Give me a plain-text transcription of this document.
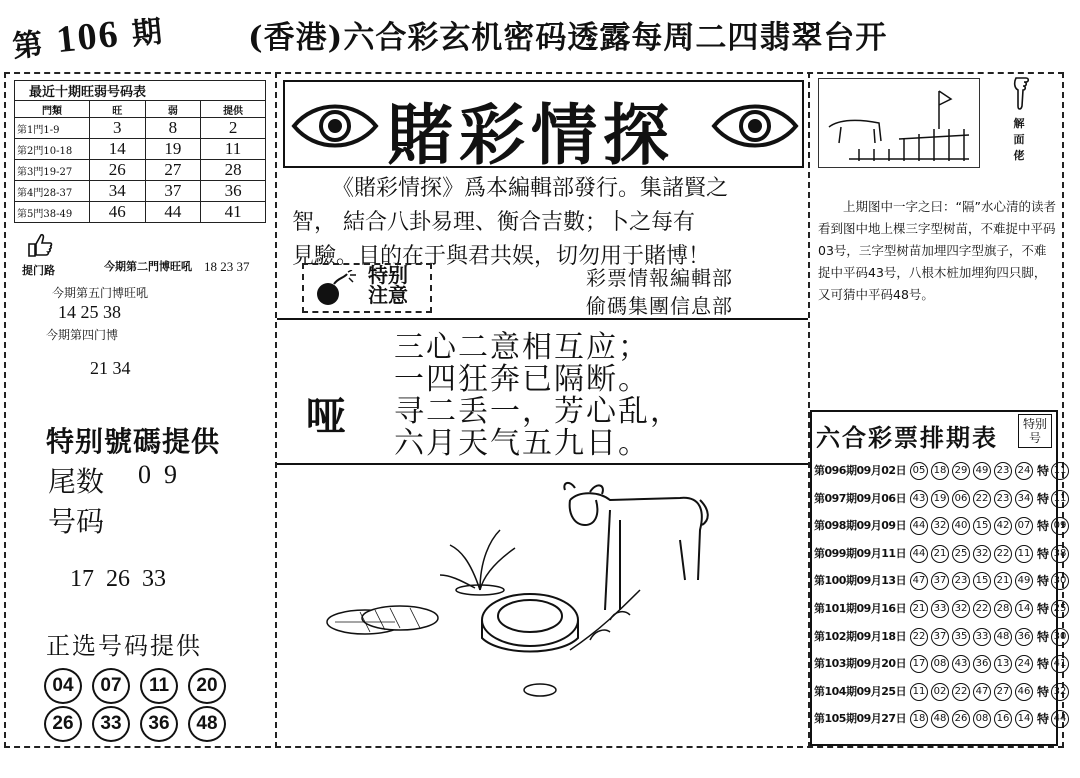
第 106 期	(香港)六合彩玄机密码透露每周二四翡翠台开
最近十期旺弱号码表			
門類	旺	弱	提供
第1門1-9	3	8	2
第2門10-18	14	19	11
第3門19-27	26	27	28
第4門28-37	34	37	36
第5門38-49	46	44	41
提门路	今期第二門博旺吼 18 23 37
今期第五门博旺吼
14 25 38
今期第四门博
21 34
特别號碼提供
尾数 0  9
号码
17  26  33
正选号码提供
04 07 11 20
26 33 36 48
賭彩情探
《賭彩情探》爲本編輯部發行。集諸賢之
智， 結合八卦易理、衡合吉數；卜之每有
見驗。目的在于與君共娱，切勿用于賭博！
特别
注意
彩票情報編輯部
偷碼集團信息部
哑
三心二意相互应；
一四狂奔已隔断。
寻二丢一，芳心乱，
六月天气五九日。
解面佬
上期图中一字之曰：“隔”水心清的读者看到图中地上棵三字型树苗，不难捉中平码03号，三字型树苗加埋四字型旗子，不难捉中平码43号，八根木桩加埋狗四只脚，又可猜中平码48号。
六合彩票排期表	特别号
第096期09月02日 05 18 29 49 23 24 特 11
第097期09月06日 43 19 06 22 23 34 特 11
第098期09月09日 44 32 40 15 42 07 特 09
第099期09月11日 44 21 25 32 22 11 特 38
第100期09月13日 47 37 23 15 21 49 特 30
第101期09月16日 21 33 32 22 28 14 特 25
第102期09月18日 22 37 35 33 48 36 特 30
第103期09月20日 17 08 43 36 13 24 特 41
第104期09月25日 11 02 22 47 27 46 特 32
第105期09月27日 18 48 26 08 16 14 特 44
